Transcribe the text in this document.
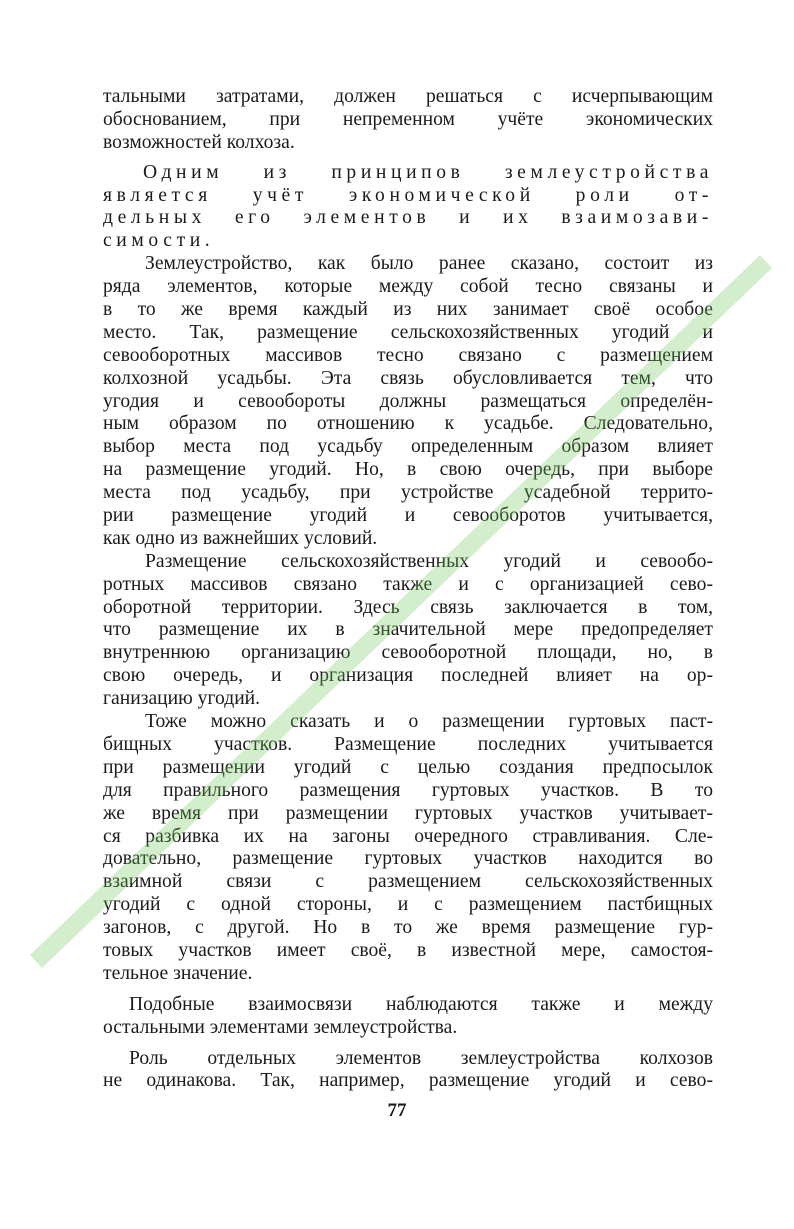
тальными затратами, должен решаться с исчерпывающим
обоснованием, при непременном учёте экономических
возможностей колхоза.
Одним из принципов землеустройства
является учёт экономической роли от-
дельных его элементов и их взаимозави-
симости.
Землеустройство, как было ранее сказано, состоит из
ряда элементов, которые между собой тесно связаны и
в то же время каждый из них занимает своё особое
место. Так, размещение сельскохозяйственных угодий и
севооборотных массивов тесно связано с размещением
колхозной усадьбы. Эта связь обусловливается тем, что
угодия и севообороты должны размещаться определён-
ным образом по отношению к усадьбе. Следовательно,
выбор места под усадьбу определенным образом влияет
на размещение угодий. Но, в свою очередь, при выборе
места под усадьбу, при устройстве усадебной террито-
рии размещение угодий и севооборотов учитывается,
как одно из важнейших условий.
Размещение сельскохозяйственных угодий и севообо-
ротных массивов связано также и с организацией сево-
оборотной территории. Здесь связь заключается в том,
что размещение их в значительной мере предопределяет
внутреннюю организацию севооборотной площади, но, в
свою очередь, и организация последней влияет на ор-
ганизацию угодий.
Тоже можно сказать и о размещении гуртовых паст-
бищных участков. Размещение последних учитывается
при размещении угодий с целью создания предпосылок
для правильного размещения гуртовых участков. В то
же время при размещении гуртовых участков учитывает-
ся разбивка их на загоны очередного стравливания. Сле-
довательно, размещение гуртовых участков находится во
взаимной связи с размещением сельскохозяйственных
угодий с одной стороны, и с размещением пастбищных
загонов, с другой. Но в то же время размещение гур-
товых участков имеет своё, в известной мере, самостоя-
тельное значение.
Подобные взаимосвязи наблюдаются также и между
остальными элементами землеустройства.
Роль отдельных элементов землеустройства колхозов
не одинакова. Так, например, размещение угодий и сево-
77
